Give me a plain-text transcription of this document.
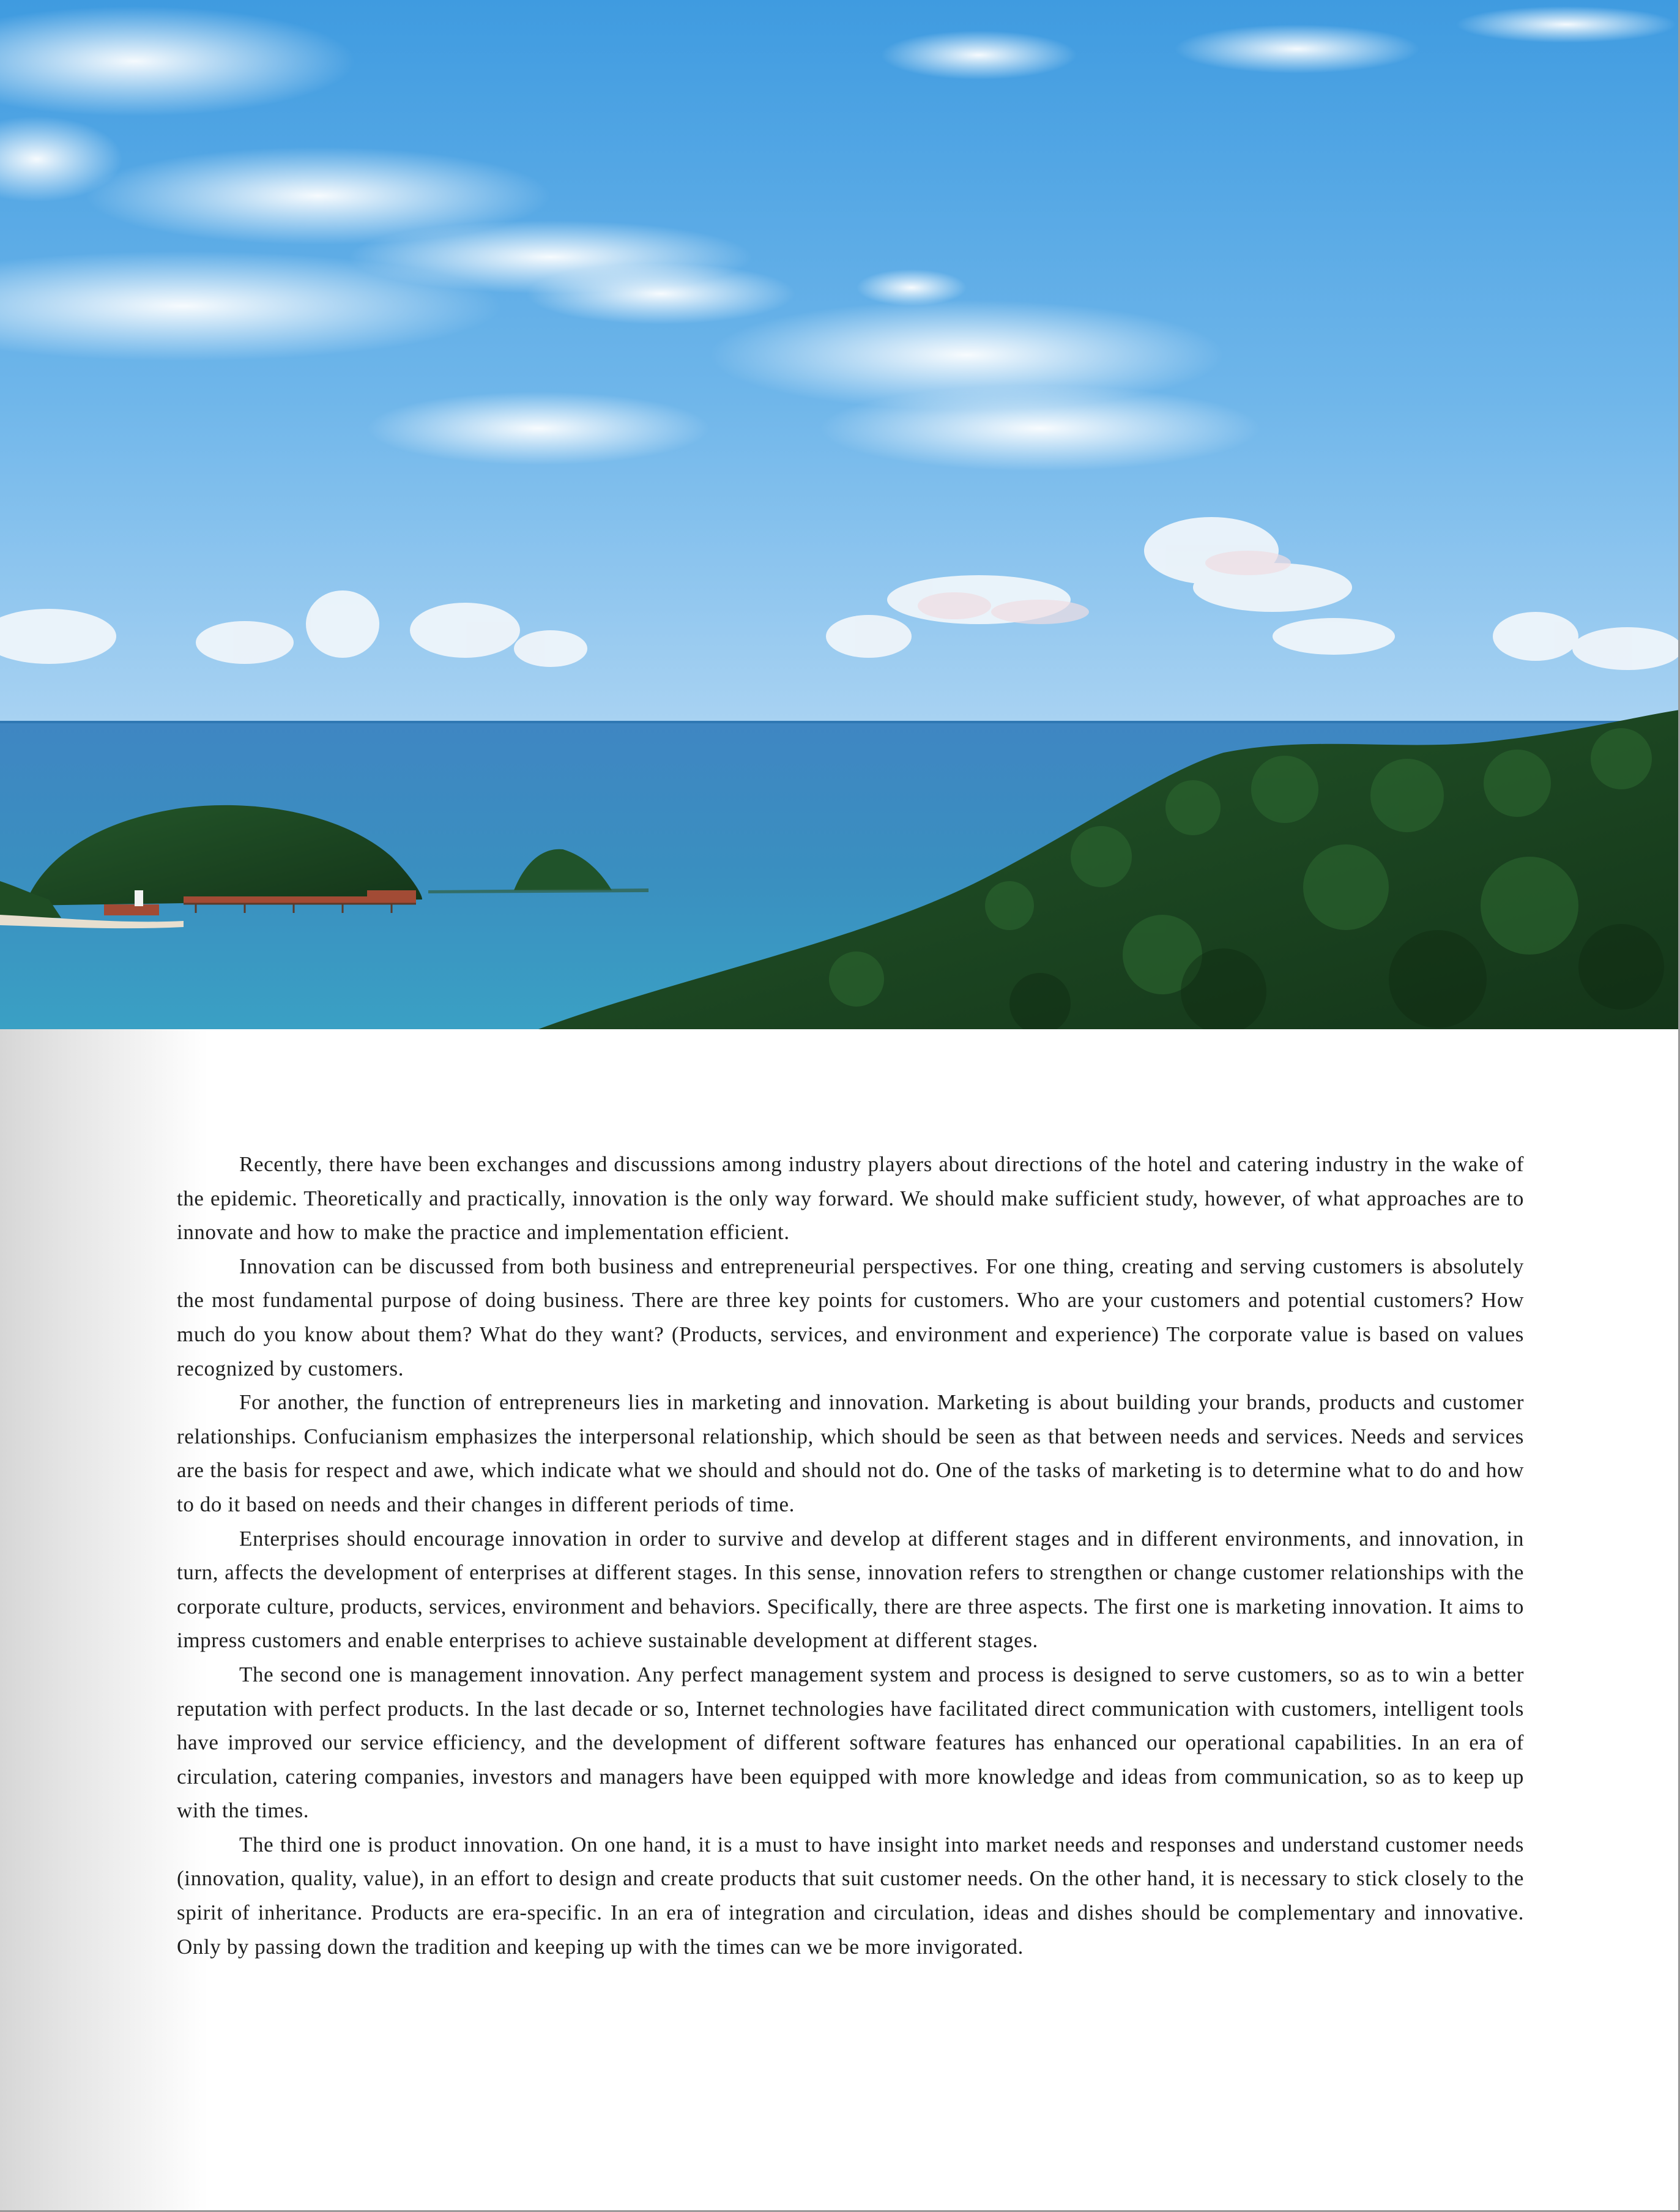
Recently, there have been exchanges and discussions among industry players about directions of the hotel and catering industry in the wake of the epidemic. Theoretically and practically, innovation is the only way forward. We should make sufficient study, however, of what approaches are to innovate and how to make the practice and implementation efficient.

Innovation can be discussed from both business and entrepreneurial perspectives. For one thing, creating and serving customers is absolutely the most fundamental purpose of doing business. There are three key points for customers. Who are your customers and potential customers? How much do you know about them? What do they want? (Products, services, and environment and experience) The corporate value is based on values recognized by customers.

For another, the function of entrepreneurs lies in marketing and innovation. Marketing is about building your brands, products and customer relationships. Confucianism emphasizes the interpersonal relationship, which should be seen as that between needs and services. Needs and services are the basis for respect and awe, which indicate what we should and should not do. One of the tasks of marketing is to determine what to do and how to do it based on needs and their changes in different periods of time.

Enterprises should encourage innovation in order to survive and develop at different stages and in different environments, and innovation, in turn, affects the development of enterprises at different stages. In this sense, innovation refers to strengthen or change customer relationships with the corporate culture, products, services, environment and behaviors. Specifically, there are three aspects. The first one is marketing innovation. It aims to impress customers and enable enterprises to achieve sustainable development at different stages.

The second one is management innovation. Any perfect management system and process is designed to serve customers, so as to win a better reputation with perfect products. In the last decade or so, Internet technologies have facilitated direct communication with customers, intelligent tools have improved our service efficiency, and the development of different software features has enhanced our operational capabilities. In an era of circulation, catering companies, investors and managers have been equipped with more knowledge and ideas from communication, so as to keep up with the times.

The third one is product innovation. On one hand, it is a must to have insight into market needs and responses and understand customer needs (innovation, quality, value), in an effort to design and create products that suit customer needs. On the other hand, it is necessary to stick closely to the spirit of inheritance. Products are era-specific. In an era of integration and circulation, ideas and dishes should be complementary and innovative. Only by passing down the tradition and keeping up with the times can we be more invigorated.
